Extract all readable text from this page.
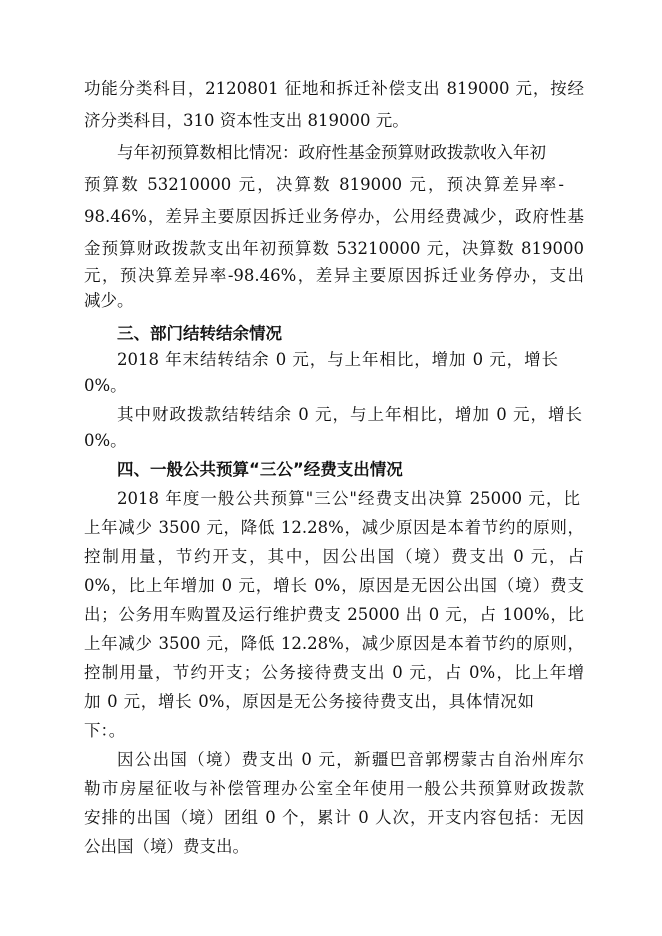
功能分类科目，2120801 征地和拆迁补偿支出 819000 元，按经
济分类科目，310 资本性支出 819000 元。
与年初预算数相比情况：政府性基金预算财政拨款收入年初
预算数 53210000 元，决算数 819000 元，预决算差异率-
98.46%，差异主要原因拆迁业务停办，公用经费减少，政府性基
金预算财政拨款支出年初预算数 53210000 元，决算数 819000
元，预决算差异率-98.46%，差异主要原因拆迁业务停办，支出
减少。
三、部门结转结余情况
2018 年末结转结余 0 元，与上年相比，增加 0 元，增长
0%。
其中财政拨款结转结余 0 元，与上年相比，增加 0 元，增长
0%。
四、一般公共预算“三公”经费支出情况
2018 年度一般公共预算"三公"经费支出决算 25000 元，比
上年减少 3500 元，降低 12.28%，减少原因是本着节约的原则，
控制用量，节约开支，其中，因公出国（境）费支出 0 元，占
0%，比上年增加 0 元，增长 0%，原因是无因公出国（境）费支
出；公务用车购置及运行维护费支 25000 出 0 元，占 100%，比
上年减少 3500 元，降低 12.28%，减少原因是本着节约的原则，
控制用量，节约开支；公务接待费支出 0 元，占 0%，比上年增
加 0 元，增长 0%，原因是无公务接待费支出，具体情况如
下：。
因公出国（境）费支出 0 元，新疆巴音郭楞蒙古自治州库尔
勒市房屋征收与补偿管理办公室全年使用一般公共预算财政拨款
安排的出国（境）团组 0 个，累计 0 人次，开支内容包括：无因
公出国（境）费支出。
